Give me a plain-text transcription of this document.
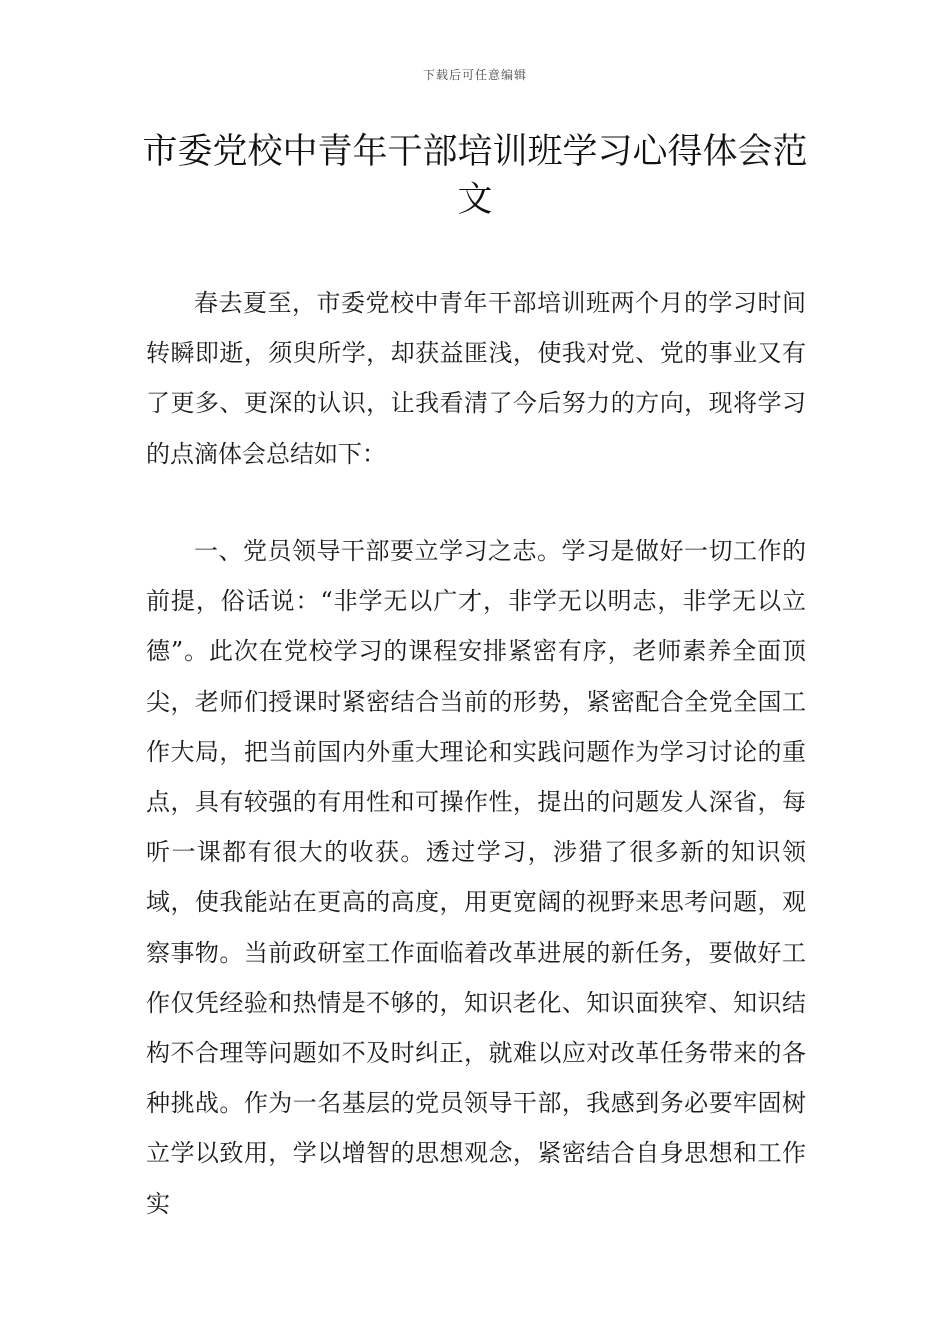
下载后可任意编辑
市委党校中青年干部培训班学习心得体会范文

春去夏至，市委党校中青年干部培训班两个月的学习时间转瞬即逝，须臾所学，却获益匪浅，使我对党、党的事业又有了更多、更深的认识，让我看清了今后努力的方向，现将学习的点滴体会总结如下：

一、党员领导干部要立学习之志。学习是做好一切工作的前提，俗话说：“非学无以广才，非学无以明志，非学无以立德”。此次在党校学习的课程安排紧密有序，老师素养全面顶尖，老师们授课时紧密结合当前的形势，紧密配合全党全国工作大局，把当前国内外重大理论和实践问题作为学习讨论的重点，具有较强的有用性和可操作性，提出的问题发人深省，每听一课都有很大的收获。透过学习，涉猎了很多新的知识领域，使我能站在更高的高度，用更宽阔的视野来思考问题，观察事物。当前政研室工作面临着改革进展的新任务，要做好工作仅凭经验和热情是不够的，知识老化、知识面狭窄、知识结构不合理等问题如不及时纠正，就难以应对改革任务带来的各种挑战。作为一名基层的党员领导干部，我感到务必要牢固树立学以致用，学以增智的思想观念，紧密结合自身思想和工作实
